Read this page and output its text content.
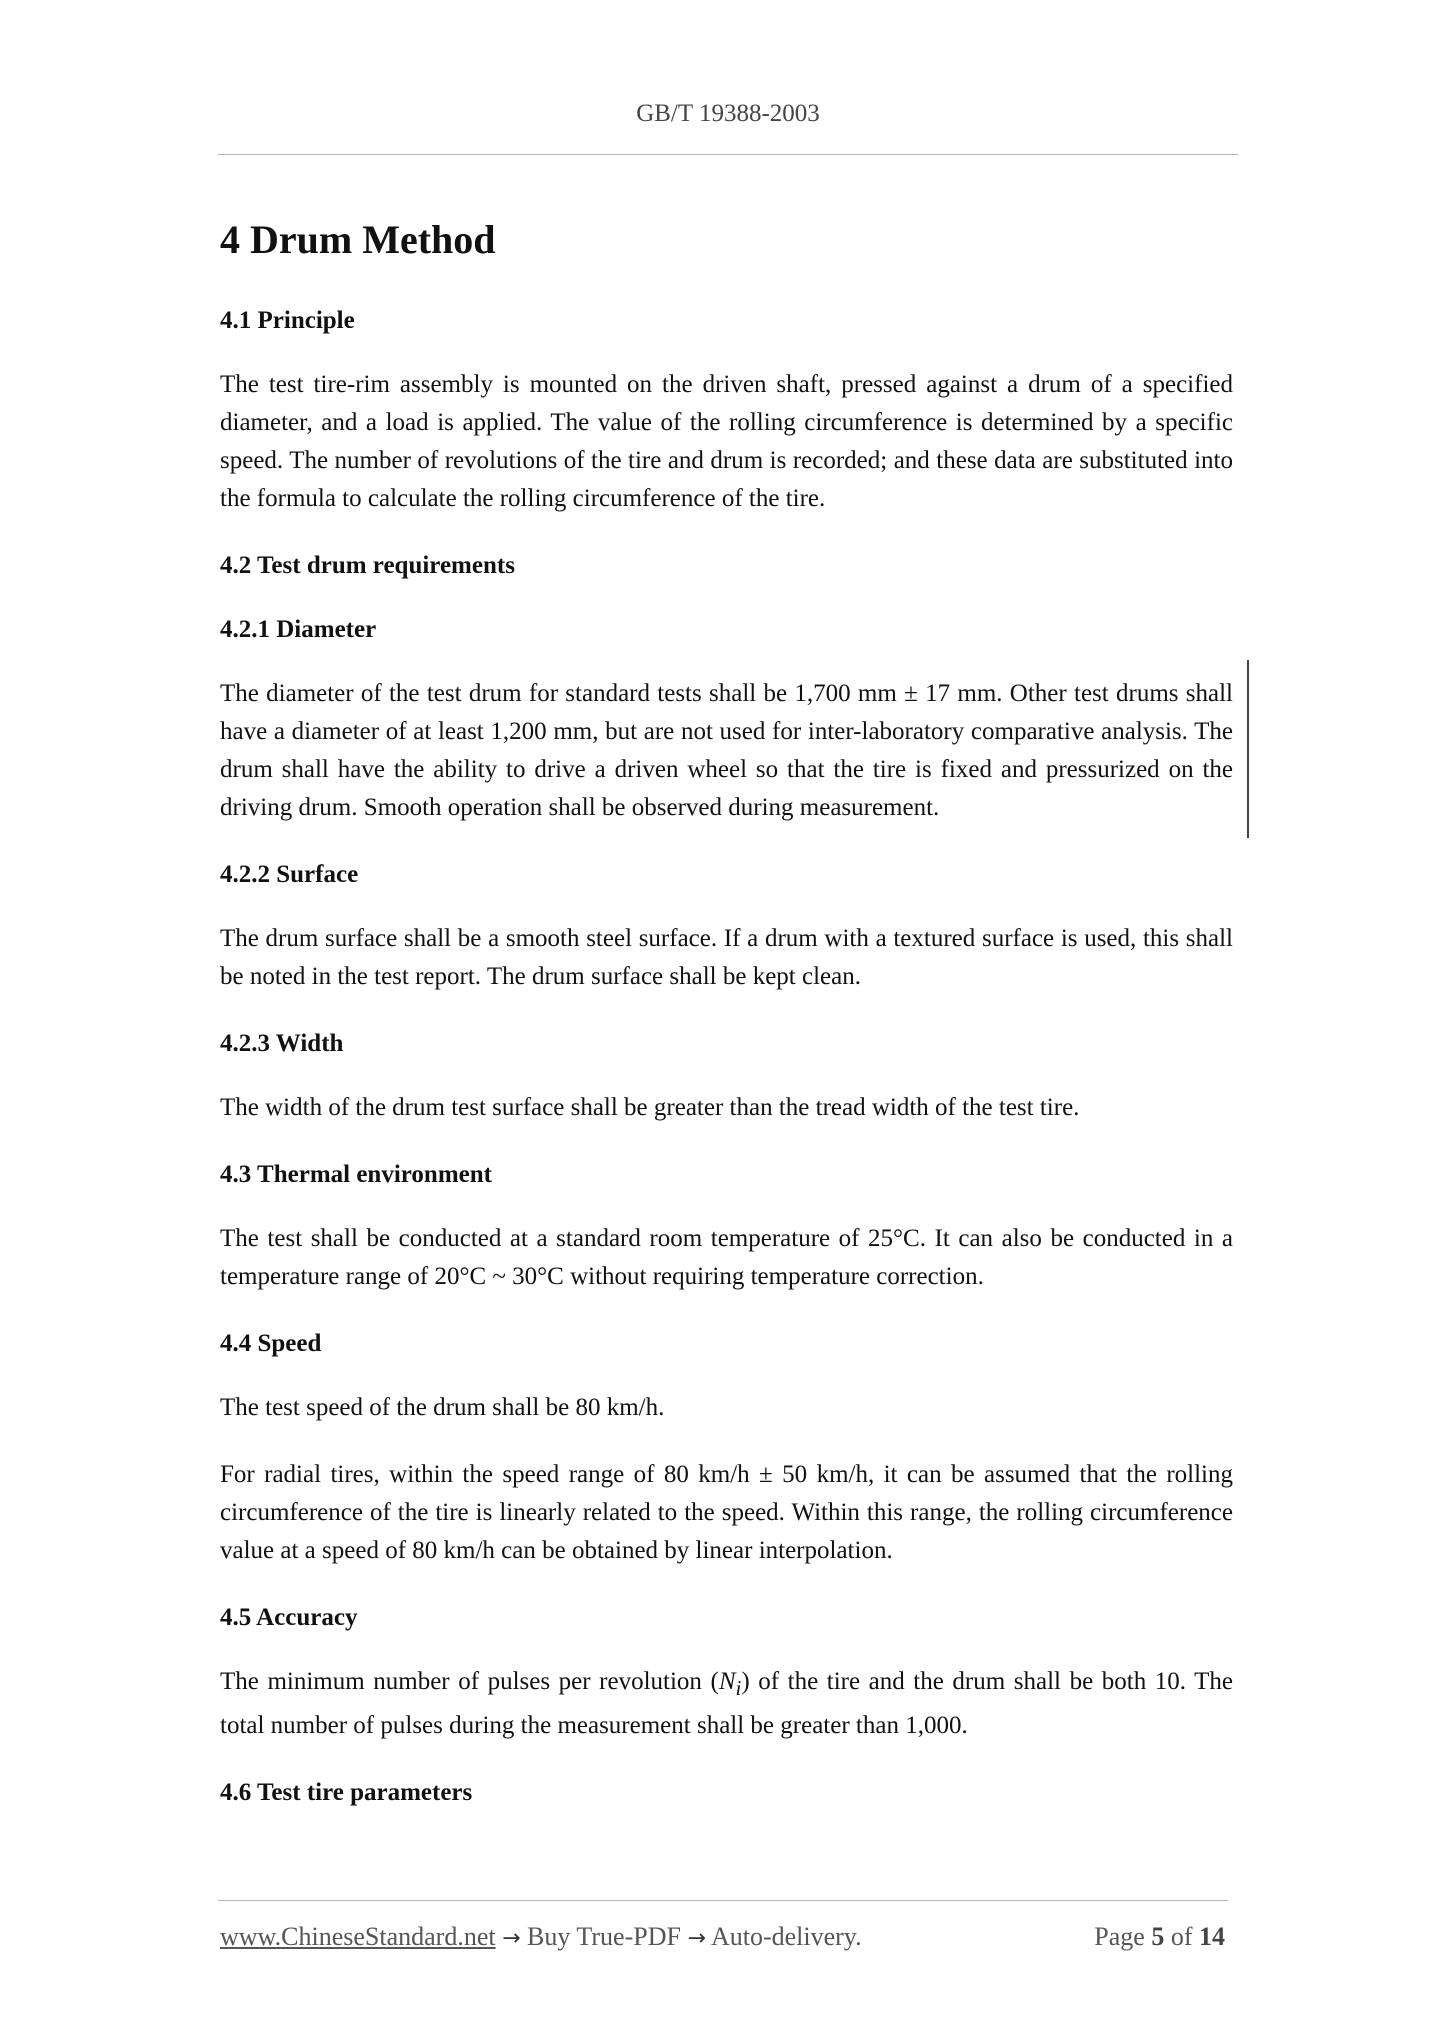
GB/T 19388-2003
4 Drum Method
4.1 Principle

The test tire-rim assembly is mounted on the driven shaft, pressed against a drum of a specified diameter, and a load is applied. The value of the rolling circumference is determined by a specific speed. The number of revolutions of the tire and drum is recorded; and these data are substituted into the formula to calculate the rolling circumference of the tire.

4.2 Test drum requirements
4.2.1 Diameter

The diameter of the test drum for standard tests shall be 1,700 mm ± 17 mm. Other test drums shall have a diameter of at least 1,200 mm, but are not used for inter-laboratory comparative analysis. The drum shall have the ability to drive a driven wheel so that the tire is fixed and pressurized on the driving drum. Smooth operation shall be observed during measurement.

4.2.2 Surface

The drum surface shall be a smooth steel surface. If a drum with a textured surface is used, this shall be noted in the test report. The drum surface shall be kept clean.

4.2.3 Width

The width of the drum test surface shall be greater than the tread width of the test tire.

4.3 Thermal environment

The test shall be conducted at a standard room temperature of 25°C. It can also be conducted in a temperature range of 20°C ~ 30°C without requiring temperature correction.

4.4 Speed

The test speed of the drum shall be 80 km/h.

For radial tires, within the speed range of 80 km/h ± 50 km/h, it can be assumed that the rolling circumference of the tire is linearly related to the speed. Within this range, the rolling circumference value at a speed of 80 km/h can be obtained by linear interpolation.

4.5 Accuracy

The minimum number of pulses per revolution $(N_i)$ of the tire and the drum shall be both 10. The total number of pulses during the measurement shall be greater than 1,000.

4.6 Test tire parameters
www.ChineseStandard.net → Buy True-PDF → Auto-delivery.	Page 5 of 14
